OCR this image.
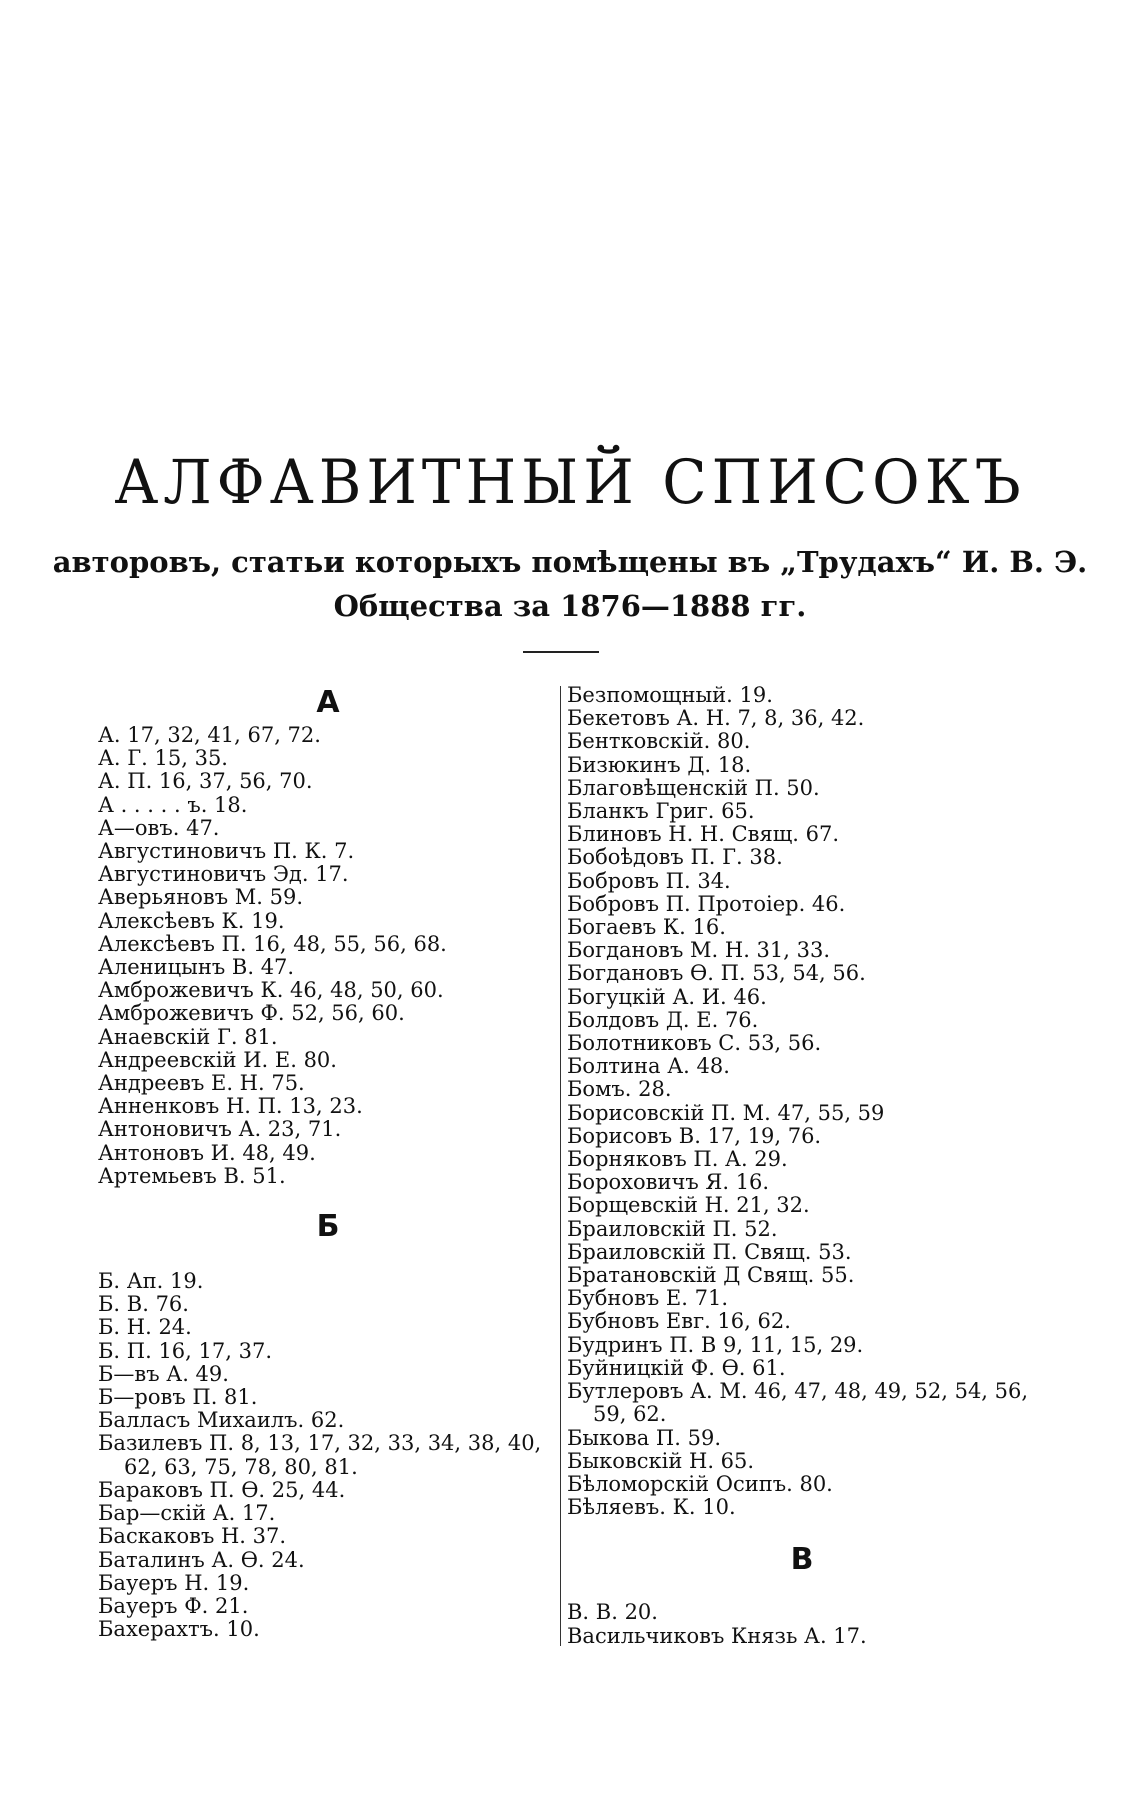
АЛФАВИТНЫЙ СПИСОКЪ
авторовъ, статьи которыхъ помѣщены въ „Трудахъ“ И. В. Э.
Общества за 1876—1888 гг.
А
А. 17, 32, 41, 67, 72.
А. Г. 15, 35.
А. П. 16, 37, 56, 70.
А . . . . . ъ. 18.
А—овъ. 47.
Августиновичъ П. К. 7.
Августиновичъ Эд. 17.
Аверьяновъ М. 59.
Алексѣевъ К. 19.
Алексѣевъ П. 16, 48, 55, 56, 68.
Аленицынъ В. 47.
Амброжевичъ К. 46, 48, 50, 60.
Амброжевичъ Ф. 52, 56, 60.
Анаевскій Г. 81.
Андреевскій И. Е. 80.
Андреевъ Е. Н. 75.
Анненковъ Н. П. 13, 23.
Антоновичъ А. 23, 71.
Антоновъ И. 48, 49.
Артемьевъ В. 51.
Б
Б. Ап. 19.
Б. В. 76.
Б. Н. 24.
Б. П. 16, 17, 37.
Б—въ А. 49.
Б—ровъ П. 81.
Балласъ Михаилъ. 62.
Базилевъ П. 8, 13, 17, 32, 33, 34, 38, 40, 62, 63, 75, 78, 80, 81.
Бараковъ П. Ѳ. 25, 44.
Бар—скій А. 17.
Баскаковъ Н. 37.
Баталинъ А. Ѳ. 24.
Бауеръ Н. 19.
Бауеръ Ф. 21.
Бахерахтъ. 10.
Безпомощный. 19.
Бекетовъ А. Н. 7, 8, 36, 42.
Бентковскій. 80.
Бизюкинъ Д. 18.
Благовѣщенскій П. 50.
Бланкъ Григ. 65.
Блиновъ Н. Н. Свящ. 67.
Бобоѣдовъ П. Г. 38.
Бобровъ П. 34.
Бобровъ П. Протоіер. 46.
Богаевъ К. 16.
Богдановъ М. Н. 31, 33.
Богдановъ Ѳ. П. 53, 54, 56.
Богуцкій А. И. 46.
Болдовъ Д. Е. 76.
Болотниковъ С. 53, 56.
Болтина А. 48.
Бомъ. 28.
Борисовскій П. М. 47, 55, 59
Борисовъ В. 17, 19, 76.
Борняковъ П. А. 29.
Бороховичъ Я. 16.
Борщевскій Н. 21, 32.
Браиловскій П. 52.
Браиловскій П. Свящ. 53.
Братановскій Д Свящ. 55.
Бубновъ Е. 71.
Бубновъ Евг. 16, 62.
Будринъ П. В 9, 11, 15, 29.
Буйницкій Ф. Ѳ. 61.
Бутлеровъ А. М. 46, 47, 48, 49, 52, 54, 56, 59, 62.
Быкова П. 59.
Быковскій Н. 65.
Бѣломорскій Осипъ. 80.
Бѣляевъ. К. 10.
В
В. В. 20.
Васильчиковъ Князь А. 17.
